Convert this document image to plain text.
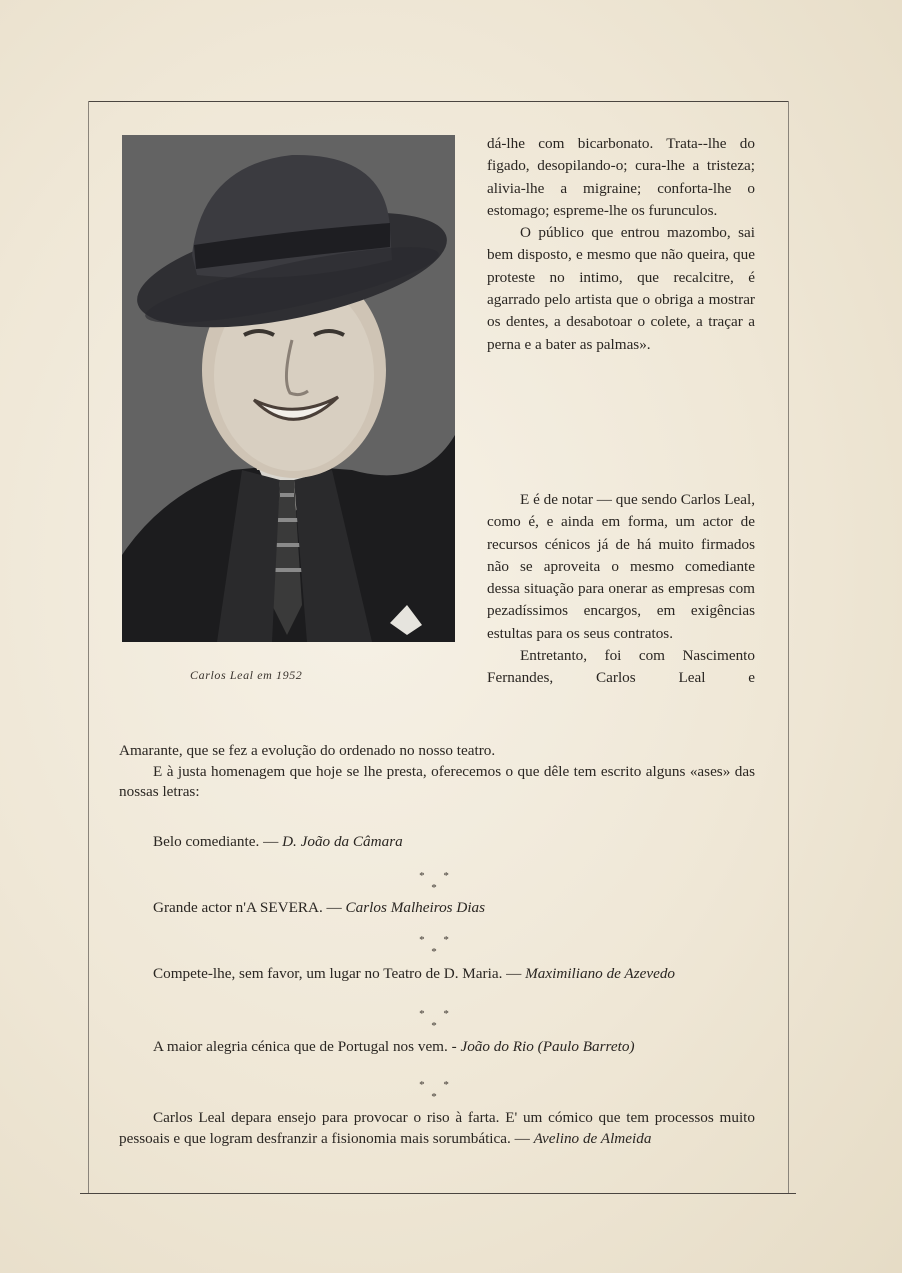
Carlos Leal em 1952

dá-lhe com bicarbonato. Trata--lhe do figado, desopilando-o; cura-lhe a tristeza; alivia-lhe a migraine; conforta-lhe o estomago; espreme-lhe os furunculos.

O público que entrou mazombo, sai bem disposto, e mesmo que não queira, que proteste no intimo, que recalcitre, é agarrado pelo artista que o obriga a mostrar os dentes, a desabotoar o colete, a traçar a perna e a bater as palmas».

E é de notar — que sendo Carlos Leal, como é, e ainda em forma, um actor de recursos cénicos já de há muito firmados não se aproveita o mesmo comediante dessa situação para onerar as empresas com pezadíssimos encargos, em exigências estultas para os seus contratos.

Entretanto, foi com Nascimento Fernandes, Carlos Leal e

Amarante, que se fez a evolução do ordenado no nosso teatro.

E à justa homenagem que hoje se lhe presta, oferecemos o que dêle tem escrito alguns «ases» das nossas letras:

Belo comediante. — D. João da Câmara

* * *

Grande actor n'A SEVERA. — Carlos Malheiros Dias

* * *

Compete-lhe, sem favor, um lugar no Teatro de D. Maria. — Maximiliano de Azevedo

* * *

A maior alegria cénica que de Portugal nos vem. - João do Rio (Paulo Barreto)

* * *

Carlos Leal depara ensejo para provocar o riso à farta. E' um cómico que tem processos muito pessoais e que logram desfranzir a fisionomia mais sorumbática. — Avelino de Almeida
